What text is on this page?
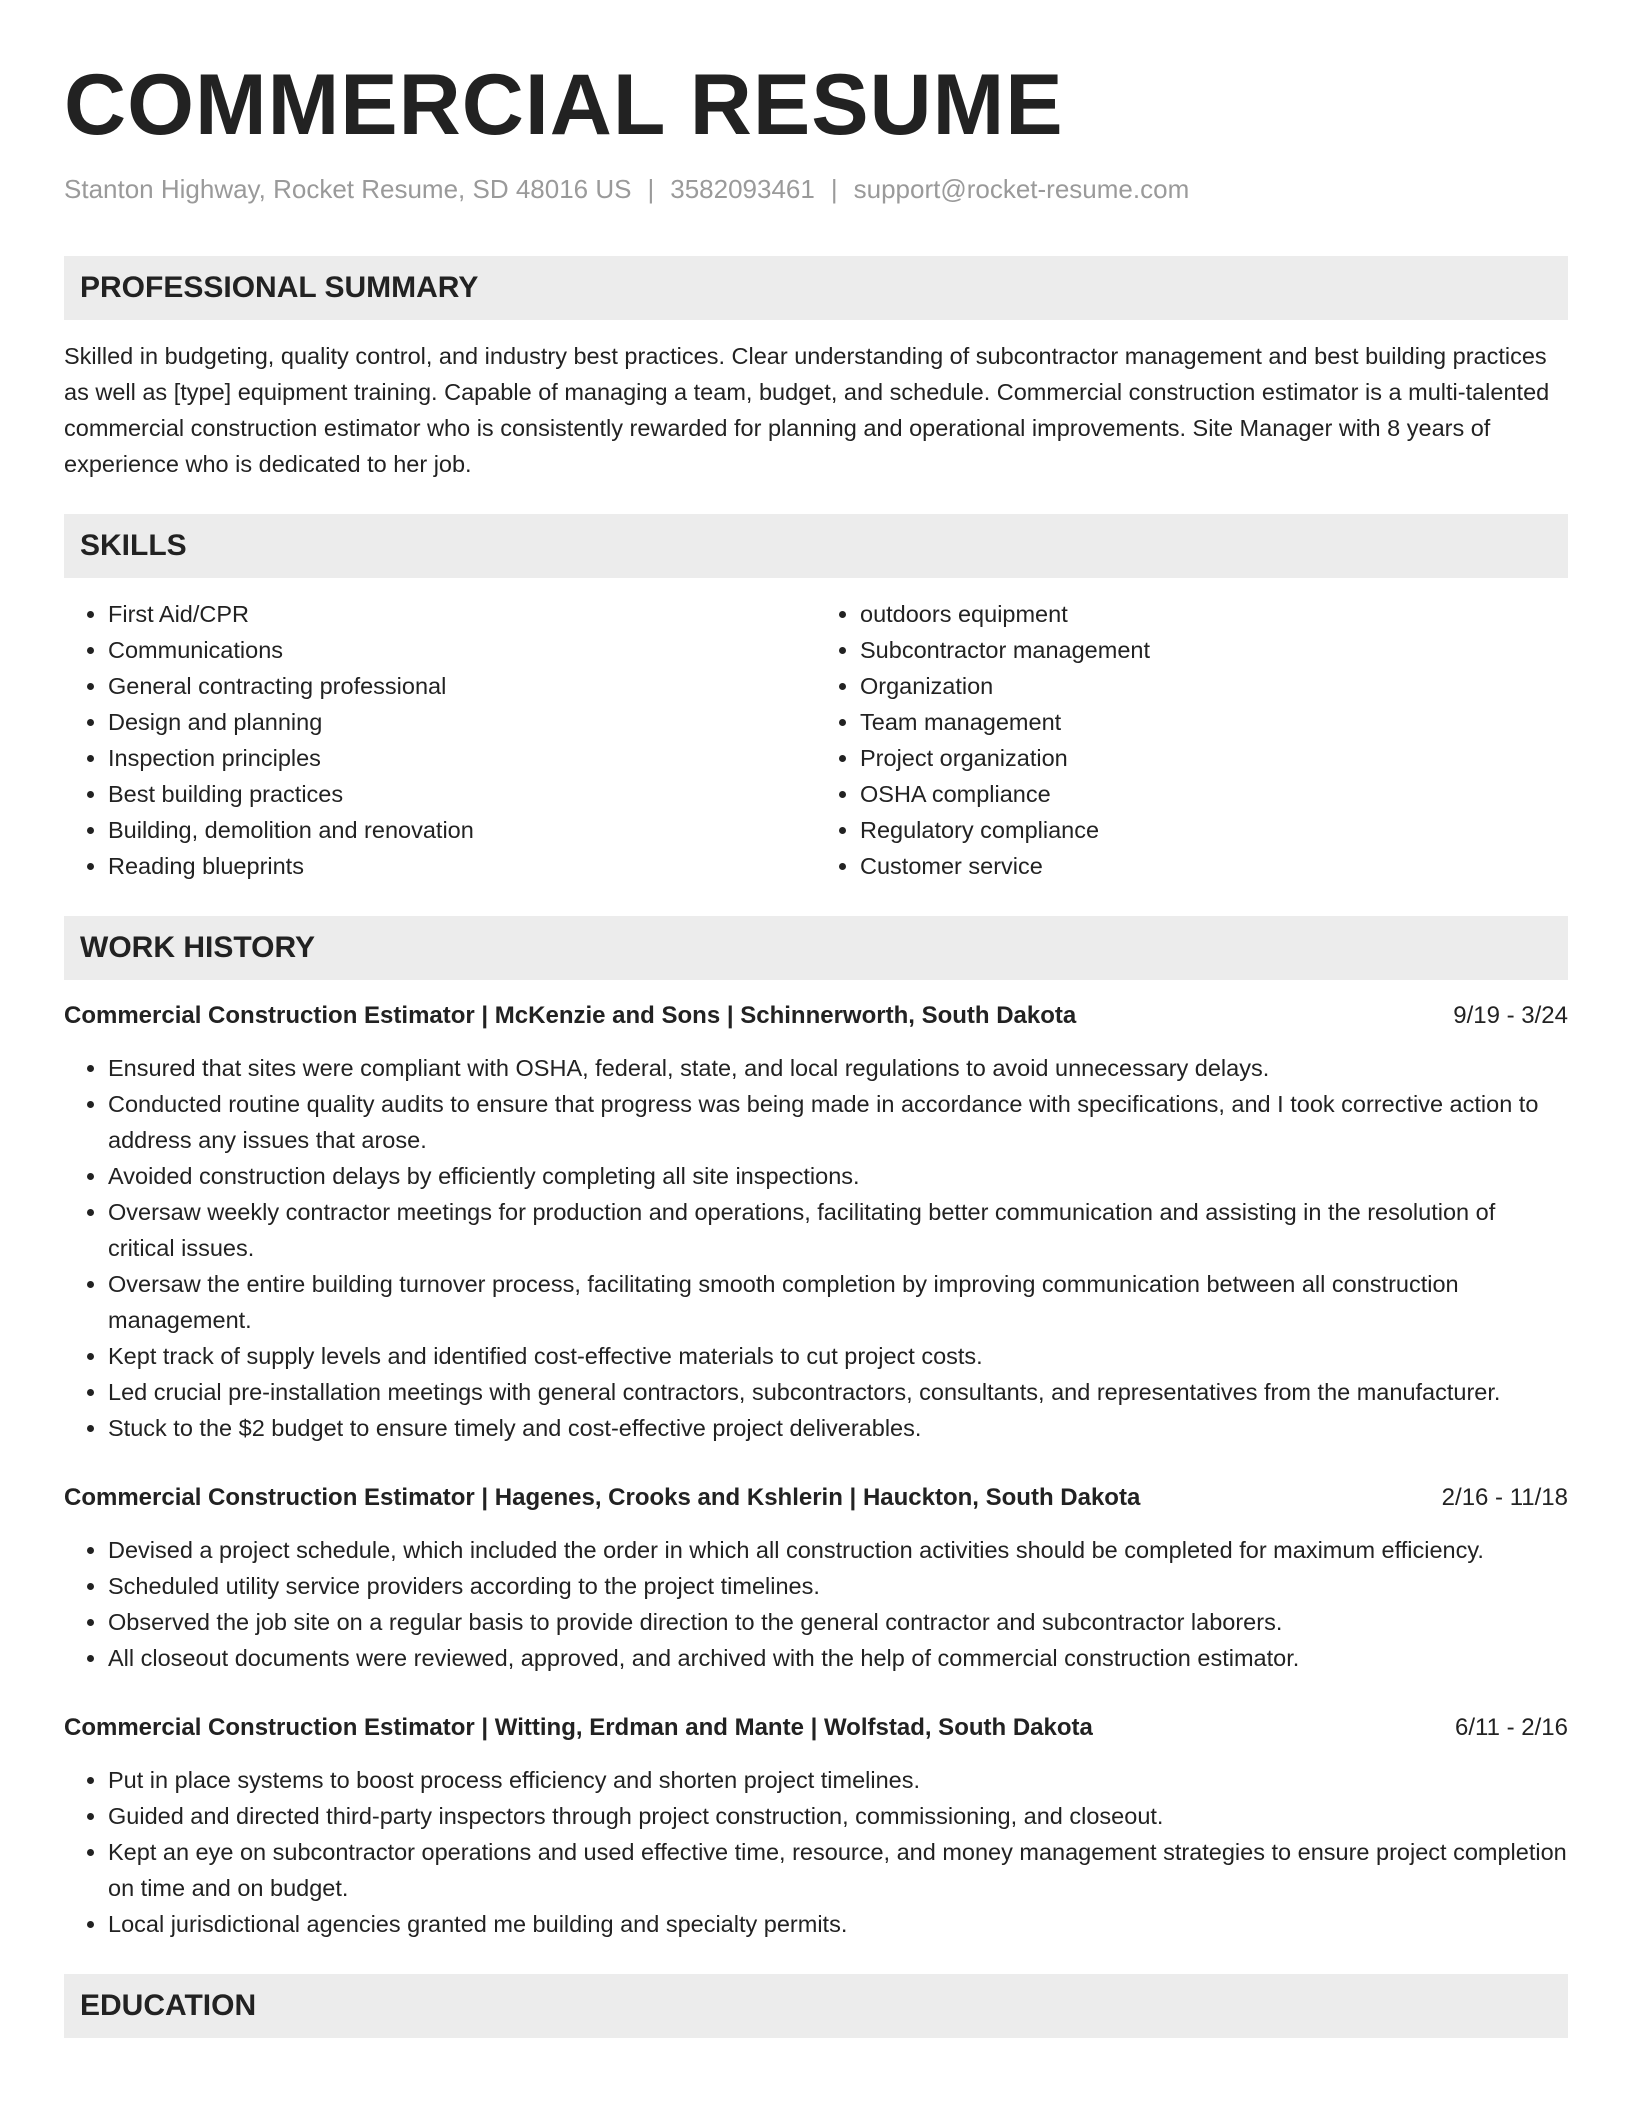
COMMERCIAL RESUME
Stanton Highway, Rocket Resume, SD 48016 US | 3582093461 | support@rocket-resume.com
PROFESSIONAL SUMMARY
Skilled in budgeting, quality control, and industry best practices. Clear understanding of subcontractor management and best building practices as well as [type] equipment training. Capable of managing a team, budget, and schedule. Commercial construction estimator is a multi-talented commercial construction estimator who is consistently rewarded for planning and operational improvements. Site Manager with 8 years of experience who is dedicated to her job.
SKILLS
• First Aid/CPR
• Communications
• General contracting professional
• Design and planning
• Inspection principles
• Best building practices
• Building, demolition and renovation
• Reading blueprints
• outdoors equipment
• Subcontractor management
• Organization
• Team management
• Project organization
• OSHA compliance
• Regulatory compliance
• Customer service
WORK HISTORY
Commercial Construction Estimator | McKenzie and Sons | Schinnerworth, South Dakota	9/19 - 3/24
• Ensured that sites were compliant with OSHA, federal, state, and local regulations to avoid unnecessary delays.
• Conducted routine quality audits to ensure that progress was being made in accordance with specifications, and I took corrective action to address any issues that arose.
• Avoided construction delays by efficiently completing all site inspections.
• Oversaw weekly contractor meetings for production and operations, facilitating better communication and assisting in the resolution of critical issues.
• Oversaw the entire building turnover process, facilitating smooth completion by improving communication between all construction management.
• Kept track of supply levels and identified cost-effective materials to cut project costs.
• Led crucial pre-installation meetings with general contractors, subcontractors, consultants, and representatives from the manufacturer.
• Stuck to the $2 budget to ensure timely and cost-effective project deliverables.
Commercial Construction Estimator | Hagenes, Crooks and Kshlerin | Hauckton, South Dakota	2/16 - 11/18
• Devised a project schedule, which included the order in which all construction activities should be completed for maximum efficiency.
• Scheduled utility service providers according to the project timelines.
• Observed the job site on a regular basis to provide direction to the general contractor and subcontractor laborers.
• All closeout documents were reviewed, approved, and archived with the help of commercial construction estimator.
Commercial Construction Estimator | Witting, Erdman and Mante | Wolfstad, South Dakota	6/11 - 2/16
• Put in place systems to boost process efficiency and shorten project timelines.
• Guided and directed third-party inspectors through project construction, commissioning, and closeout.
• Kept an eye on subcontractor operations and used effective time, resource, and money management strategies to ensure project completion on time and on budget.
• Local jurisdictional agencies granted me building and specialty permits.
EDUCATION
